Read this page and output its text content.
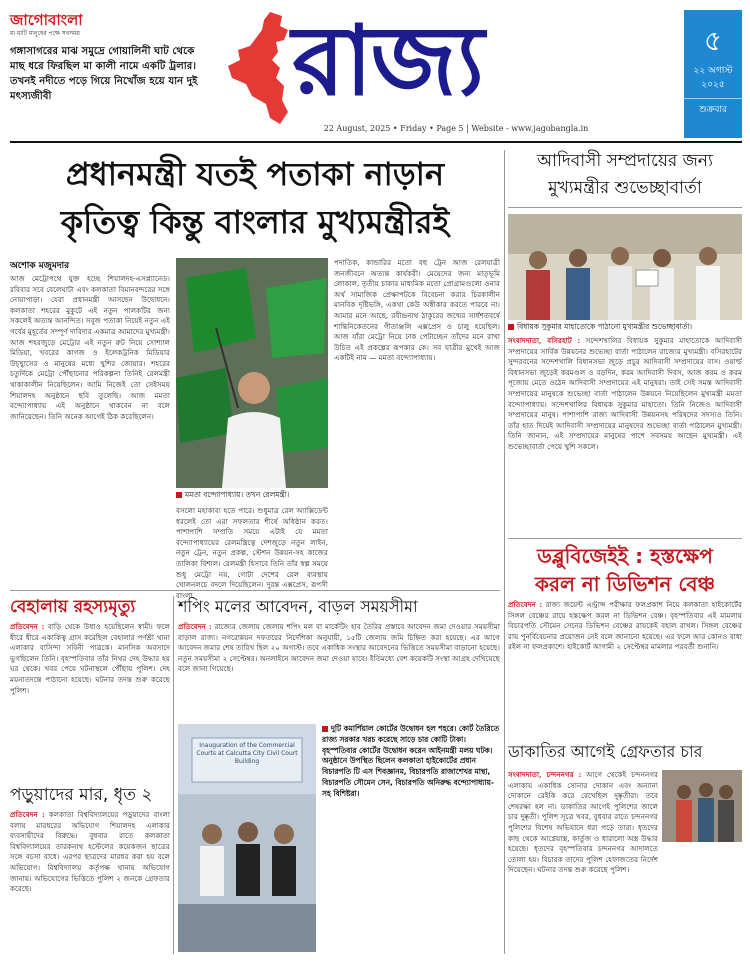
জাগোবাংলা
মা মাটি মানুষের পক্ষে সবসময়
গঙ্গাসাগরের মাঝ সমুদ্রে গোয়ালিনী ঘাট থেকে মাছ ধরে ফিরছিল মা কালী নামে একটি ট্রলার। তখনই নদীতে পড়ে গিয়ে নিখোঁজ হয়ে যান দুই মৎস্যজীবী	রাজ্য
22 August, 2025 • Friday • Page 5 | Website - www.jagobangla.in
৫
২২ অগাস্ট
২০২৫
শুক্রবার
প্রধানমন্ত্রী যতই পতাকা নাড়ান
কৃতিত্ব কিন্তু বাংলার মুখ্যমন্ত্রীরই
অশোক মজুমদার
আজ মেট্রোপথে যুক্ত হচ্ছে শিয়ালদহ-এসপ্ল্যানেড। রবিবার সবে বেলেঘাটা এবং কলকাতা বিমানবন্দরের সঙ্গে নোয়াপাড়া। যেরা প্রধানমন্ত্রী আসছেন উদ্বোধনে। কলকাতা শহরের মুকুটে এই নতুন পালকটির জন্য সকলেই অত্যন্ত আনন্দিত। সবুজ পতাকা নিয়েই নতুন এই গর্বের মুহূর্তের সম্পূর্ণ দাবিদার একমাত্র আমাদের মুখ্যমন্ত্রী। আজ শহরজুড়ে মেট্রোর এই নতুন রুট নিয়ে সোশ্যাল মিডিয়া, খবরের কাগজ ও ইলেকট্রনিক মিডিয়ার উচ্ছ্বাসের ও মানুষের মধ্যে খুশির জোয়ার। শহরের চতুর্দিকে মেট্রো পৌঁছানোর পরিকল্পনা তিনিই রেলমন্ত্রী থাকাকালীন নিয়েছিলেন। আমি নিজেই তো সেইসময় শিয়ালদহ অনুষ্ঠানে ছবি তুলেছি। আজ মমতা বন্দ্যোপাধ্যায় এই অনুষ্ঠানে থাকবেন না বলে জানিয়েছেন। তিনি অনেক আগেই ঠিক করেছিলেন।
মমতা বন্দ্যোপাধ্যায়। তখন রেলমন্ত্রী।
বসলো মহাকাব্য হতে পারে। শুধুমাত্র রেল অ্যাক্সিডেন্ট ধরলেই তো এরা সফলতার শীর্ষে অধিষ্ঠান করত। পাশাপাশি সম্প্রতি সময়ে এটাই যে মমতা বন্দ্যোপাধ্যায়ের রেলমন্ত্রিত্বে দেশজুড়ে নতুন লাইন, নতুন ট্রেন, নতুন প্রকল্প, স্টেশন উন্নয়ন-সহ কাজের তালিকা বিশাল। রেলমন্ত্রী হিসাবে তিনি তাঁর স্বল্প সময়ে শুধু মেট্রো নয়, গোটা দেশের রেল ব্যবস্থায় খোলনলচে বদলে দিয়েছিলেন। দুরন্ত এক্সপ্রেস, রূপসী বাংলা,
পদাতিক, কান্ডারির মতো বহু ট্রেন আজ রেলযাত্রী জনজীবনে অত্যন্ত কার্যকরী। মেয়েদের জন্য মাতৃভূমি লোকাল, তৃতীয় চাকার মাধ্যমিক মতো প্রোগ্রামগুলো ওনার অর্থ সামাজিক প্রেক্ষাপটকে বিবেচনা করার চিরকালীন মানবিক দৃষ্টিভঙ্গি, একথা কেউ অস্বীকার করতে পারবে না। আমার মনে আছে, রবীন্দ্রনাথ ঠাকুরের জন্মের সার্ধশতবর্ষে শান্তিনিকেতনের গীতাঞ্জলি এক্সপ্রেস ও চালু হয়েছিল। আজ যাঁরা মেট্রো নিয়ে ঢাক পেটাচ্ছেন তাঁদের মনে রাখা উচিত এই প্রকল্পের রূপকার কে। সব যাত্রীর মুখেই আজ একটিই নাম — মমতা বন্দ্যোপাধ্যায়।
আদিবাসী সম্প্রদায়ের জন্য
মুখ্যমন্ত্রীর শুভেচ্ছাবার্তা
বিধায়ক সুকুমার মাহাতোকে পাঠানো মুখ্যমন্ত্রীর শুভেচ্ছাবার্তা।
সংবাদদাতা, বসিরহাট : সন্দেশখালির বিধায়ক সুকুমার মাহাতোকে আদিবাসী সম্প্রদায়ের সার্বিক উন্নয়নের শুভেচ্ছা বার্তা পাঠালেন রাজ্যের মুখ্যমন্ত্রী। বসিরহাটের সুন্দরবনের সন্দেশখালি বিধানসভা জুড়ে প্রচুর আদিবাসী সম্প্রদায়ের বাস। ওয়ার্ল্ড বিধানসভা জুড়েই করমণ্ডল ও বড়দিন, করম আদিবাসী দিবস, আজ করম ও করম পূজোয় মেতে ওঠেন আদিবাসী সম্প্রদায়ের এই মানুষরা। তাই সেই সমস্ত আদিবাসী সম্প্রদায়ের মানুষকে শুভেচ্ছা বার্তা পাঠালেন উন্নয়নে নিয়েছিলেন মুখ্যমন্ত্রী মমতা বন্দ্যোপাধ্যায়। সন্দেশখালির বিধায়ক সুকুমার মাহাতো। তিনি নিজেও আদিবাসী সম্প্রদায়ের মানুষ। পাশাপাশি রাজ্য আদিবাসী উন্নয়নসহ পরিষদের সদস্যও তিনি। তাঁর হাত দিয়েই আদিবাসী সম্প্রদায়ের মানুষদের শুভেচ্ছা বার্তা পাঠালেন মুখ্যমন্ত্রী। তিনি জানান, এই সম্প্রদায়ের মানুষের পাশে সবসময় আছেন মুখ্যমন্ত্রী। এই শুভেচ্ছাবার্তা পেয়ে খুশি সকলে।
ডব্লুবিজেইই : হস্তক্ষেপ
করল না ডিভিশন বেঞ্চ
প্রতিবেদন : রাজ্য জয়েন্ট এন্ট্রান্স পরীক্ষার ফলপ্রকাশ নিয়ে কলকাতা হাইকোর্টের সিঙ্গল বেঞ্চের রায়ে হস্তক্ষেপ করল না ডিভিশন বেঞ্চ। বৃহস্পতিবার এই মামলায় বিচারপতি সৌমেন সেনের ডিভিশন বেঞ্চের রায়কেই বহাল রাখল। সিঙ্গল বেঞ্চের রায় পুনর্বিবেচনার প্রয়োজন নেই বলে জানানো হয়েছে। এর ফলে আর কোনও বাধা রইল না ফলপ্রকাশে। হাইকোর্ট আগামী ২ সেপ্টেম্বর মামলার পরবর্তী শুনানি।
বেহালায় রহস্যমৃত্যু
প্রতিবেদন : বাড়ি থেকে উধাও হয়েছিলেন স্বামী। ফলে ধীরে ধীরে একাকিত্ব গ্রাস করেছিল বেহালার পর্ণশ্রী থানা এলাকার বাসিন্দা সবিনী পাত্রকে। মানসিক অবসাদে ভুগছিলেন তিনি। বৃহস্পতিবার তাঁর নিথর দেহ উদ্ধার হয় ঘর থেকে। খবর পেয়ে ঘটনাস্থলে পৌঁছায় পুলিশ। দেহ ময়নাতদন্তে পাঠানো হয়েছে। ঘটনার তদন্ত শুরু করেছে পুলিশ।
পড়ুয়াদের মার, ধৃত ২
প্রতিবেদন : কলকাতা বিশ্ববিদ্যালয়ের পড়ুয়াদের বাংলা বলায় মারধরের অভিযোগ শিয়ালদহ এলাকার ব্যবসায়ীদের বিরুদ্ধে। বুধবার রাতে কলকাতা বিশ্ববিদ্যালয়ের তারকনাথ হস্টেলের কয়েকজন ছাত্রের সঙ্গে বচসা বাধে। এরপর ছাত্রদের মারধর করা হয় বলে অভিযোগ। বিশ্ববিদ্যালয় কর্তৃপক্ষ থানায় অভিযোগ জানায়। অভিযোগের ভিত্তিতে পুলিশ ২ জনকে গ্রেফতার করেছে।
শপিং মলের আবেদন, বাড়ল সময়সীমা
প্রতিবেদন : রাজ্যের জেলায় জেলায় শপিং মল বা মার্কেটিং হাব তৈরির প্রস্তাবে আবেদন জমা দেওয়ার সময়সীমা বাড়াল রাজ্য। নগরোন্নয়ন দফতরের নির্দেশিকা অনুযায়ী, ১৫টি জেলায় জমি চিহ্নিত করা হয়েছে। এর আগে আবেদন জমার শেষ তারিখ ছিল ২০ অগাস্ট। তবে একাধিক সংস্থার আবেদনের ভিত্তিতে সময়সীমা বাড়ানো হয়েছে। নতুন সময়সীমা ২ সেপ্টেম্বর। অনলাইনে আবেদন জমা দেওয়া যাবে। ইতিমধ্যে বেশ কয়েকটি সংস্থা আগ্রহ দেখিয়েছে বলে জানা গিয়েছে।
Inauguration of the Commercial Courts at Calcutta City Civil Court Building
দুটি কমার্শিয়াল কোর্টের উদ্বোধন হল শহরে। কোর্ট তৈরিতে রাজ্য সরকার খরচ করেছে সাড়ে চার কোটি টাকা। বৃহস্পতিবার কোর্টের উদ্বোধন করেন আইনমন্ত্রী মলয় ঘটক। অনুষ্ঠানে উপস্থিত ছিলেন কলকাতা হাইকোর্টের প্রধান বিচারপতি টি এস শিবজ্ঞানম, বিচারপতি রাজাশেখর মান্থা, বিচারপতি সৌমেন সেন, বিচারপতি অনিরুদ্ধ বন্দ্যোপাধ্যায়-সহ বিশিষ্টরা।
ডাকাতির আগেই গ্রেফতার চার
সংবাদদাতা, চন্দননগর : আগে থেকেই চন্দননগর এলাকায় একাধিক সোনার দোকান এবং অন্যান্য দোকানে রেইকি করে রেখেছিল দুষ্কৃতীরা। তবে শেষরক্ষা হল না। ডাকাতির আগেই পুলিশের জালে চার দুষ্কৃতী। পুলিশ সূত্রে খবর, বুধবার রাতে চন্দননগর পুলিশের বিশেষ অভিযানে ধরা পড়ে তারা। ধৃতদের কাছ থেকে আগ্নেয়াস্ত্র, কার্তুজ ও ধারালো অস্ত্র উদ্ধার হয়েছে। ধৃতদের বৃহস্পতিবার চন্দননগর আদালতে তোলা হয়। বিচারক তাদের পুলিশ হেফাজতের নির্দেশ দিয়েছেন। ঘটনার তদন্ত শুরু করেছে পুলিশ।
